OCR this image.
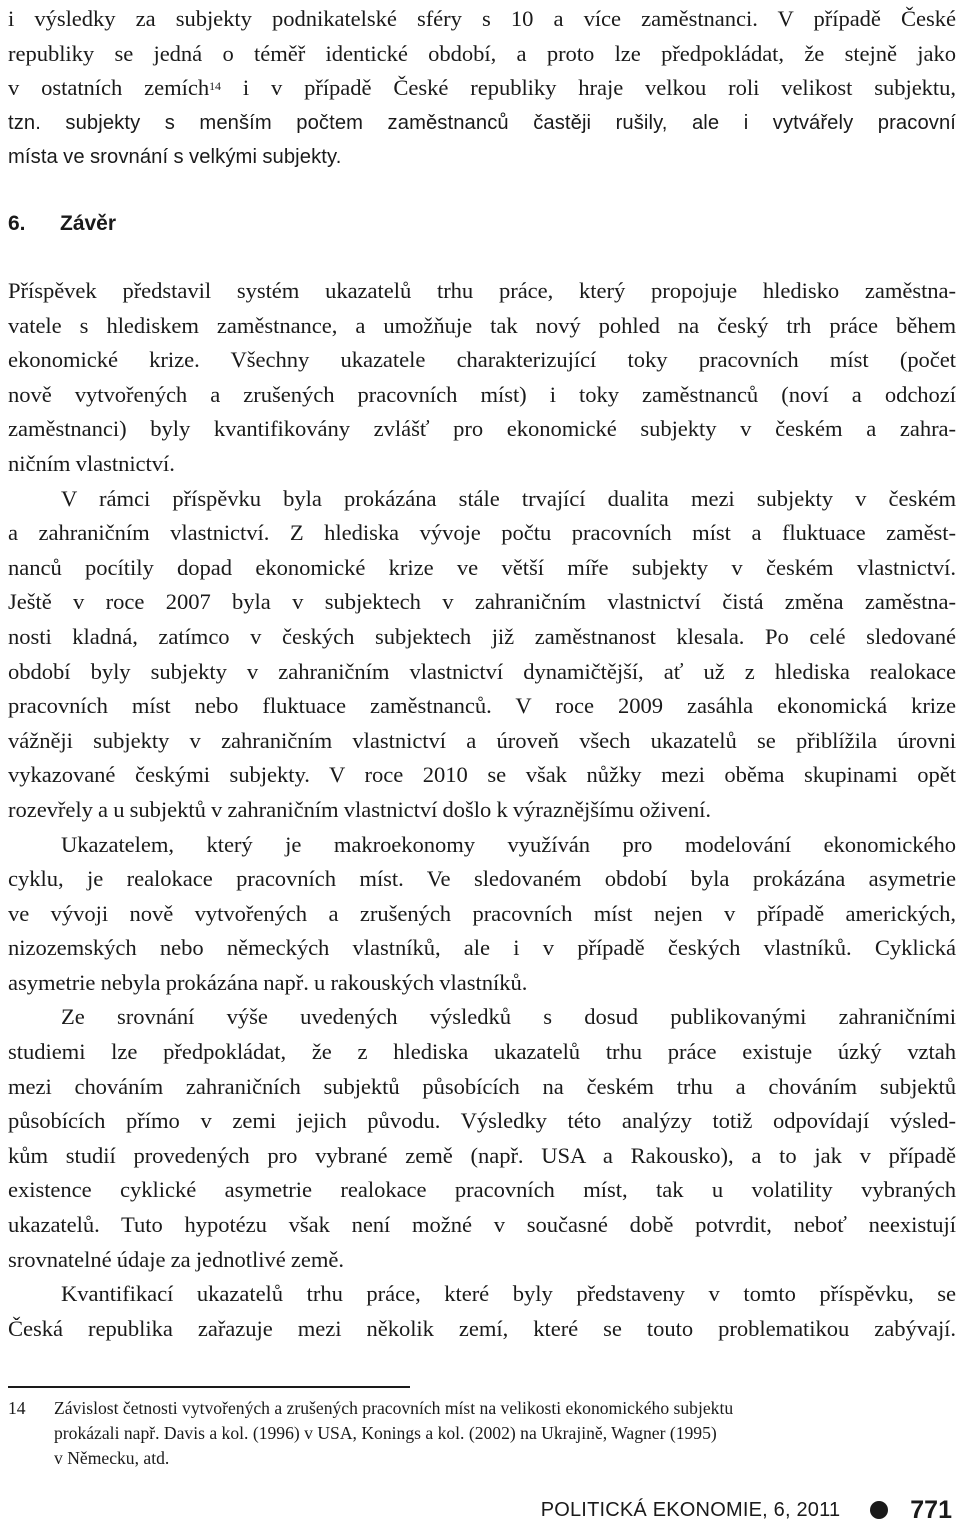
i výsledky za subjekty podnikatelské sféry s 10 a více zaměstnanci. V případě České
republiky se jedná o téměř identické období, a proto lze předpokládat, že stejně jako
v ostatních zemích$^{14}$ i v případě České republiky hraje velkou roli velikost subjektu,
tzn. subjekty s menším počtem zaměstnanců častěji rušily, ale i vytvářely pracovní
místa ve srovnání s velkými subjekty.
6. Závěr
Příspěvek představil systém ukazatelů trhu práce, který propojuje hledisko zaměstna-
vatele s hlediskem zaměstnance, a umožňuje tak nový pohled na český trh práce během
ekonomické krize. Všechny ukazatele charakterizující toky pracovních míst (počet
nově vytvořených a zrušených pracovních míst) i toky zaměstnanců (noví a odchozí
zaměstnanci) byly kvantifikovány zvlášť pro ekonomické subjekty v českém a zahra-
ničním vlastnictví.
V rámci příspěvku byla prokázána stále trvající dualita mezi subjekty v českém
a zahraničním vlastnictví. Z hlediska vývoje počtu pracovních míst a fluktuace zaměst-
nanců pocítily dopad ekonomické krize ve větší míře subjekty v českém vlastnictví.
Ještě v roce 2007 byla v subjektech v zahraničním vlastnictví čistá změna zaměstna-
nosti kladná, zatímco v českých subjektech již zaměstnanost klesala. Po celé sledované
období byly subjekty v zahraničním vlastnictví dynamičtější, ať už z hlediska realokace
pracovních míst nebo fluktuace zaměstnanců. V roce 2009 zasáhla ekonomická krize
vážněji subjekty v zahraničním vlastnictví a úroveň všech ukazatelů se přiblížila úrovni
vykazované českými subjekty. V roce 2010 se však nůžky mezi oběma skupinami opět
rozevřely a u subjektů v zahraničním vlastnictví došlo k výraznějšímu oživení.
Ukazatelem, který je makroekonomy využíván pro modelování ekonomického
cyklu, je realokace pracovních míst. Ve sledovaném období byla prokázána asymetrie
ve vývoji nově vytvořených a zrušených pracovních míst nejen v případě amerických,
nizozemských nebo německých vlastníků, ale i v případě českých vlastníků. Cyklická
asymetrie nebyla prokázána např. u rakouských vlastníků.
Ze srovnání výše uvedených výsledků s dosud publikovanými zahraničními
studiemi lze předpokládat, že z hlediska ukazatelů trhu práce existuje úzký vztah
mezi chováním zahraničních subjektů působících na českém trhu a chováním subjektů
působících přímo v zemi jejich původu. Výsledky této analýzy totiž odpovídají výsled-
kům studií provedených pro vybrané země (např. USA a Rakousko), a to jak v případě
existence cyklické asymetrie realokace pracovních míst, tak u volatility vybraných
ukazatelů. Tuto hypotézu však není možné v současné době potvrdit, neboť neexistují
srovnatelné údaje za jednotlivé země.
Kvantifikací ukazatelů trhu práce, které byly představeny v tomto příspěvku, se
Česká republika zařazuje mezi několik zemí, které se touto problematikou zabývají.
14 Závislost četnosti vytvořených a zrušených pracovních míst na velikosti ekonomického subjektu
prokázali např. Davis a kol. (1996) v USA, Konings a kol. (2002) na Ukrajině, Wagner (1995)
v Německu, atd.
POLITICKÁ EKONOMIE, 6, 2011	771
